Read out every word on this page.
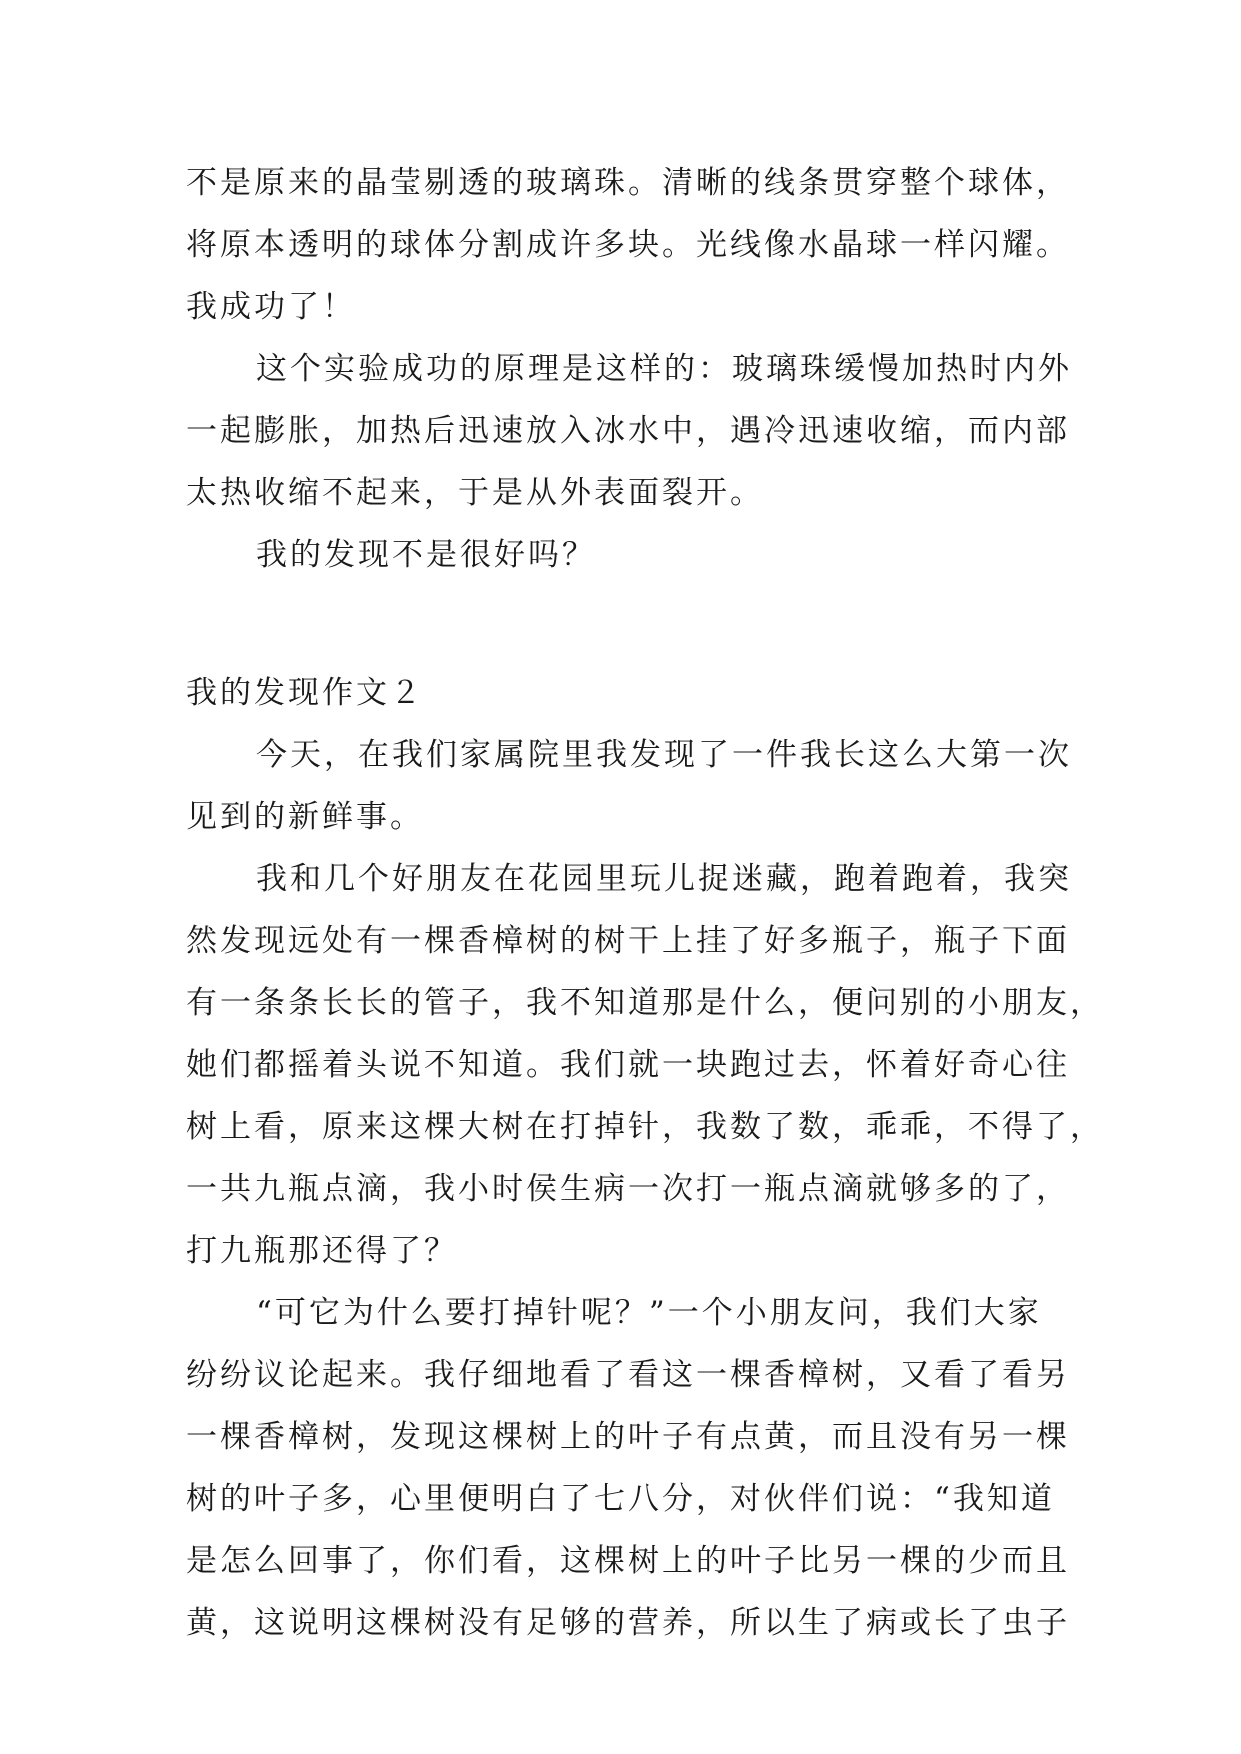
不是原来的晶莹剔透的玻璃珠。清晰的线条贯穿整个球体，
将原本透明的球体分割成许多块。光线像水晶球一样闪耀。
我成功了！
这个实验成功的原理是这样的：玻璃珠缓慢加热时内外
一起膨胀，加热后迅速放入冰水中，遇冷迅速收缩，而内部
太热收缩不起来，于是从外表面裂开。
我的发现不是很好吗？
我的发现作文２
今天，在我们家属院里我发现了一件我长这么大第一次
见到的新鲜事。
我和几个好朋友在花园里玩儿捉迷藏，跑着跑着，我突
然发现远处有一棵香樟树的树干上挂了好多瓶子，瓶子下面
有一条条长长的管子，我不知道那是什么，便问别的小朋友，
她们都摇着头说不知道。我们就一块跑过去，怀着好奇心往
树上看，原来这棵大树在打掉针，我数了数，乖乖，不得了，
一共九瓶点滴，我小时侯生病一次打一瓶点滴就够多的了，
打九瓶那还得了？
“可它为什么要打掉针呢？”一个小朋友问，我们大家
纷纷议论起来。我仔细地看了看这一棵香樟树，又看了看另
一棵香樟树，发现这棵树上的叶子有点黄，而且没有另一棵
树的叶子多，心里便明白了七八分，对伙伴们说：“我知道
是怎么回事了，你们看，这棵树上的叶子比另一棵的少而且
黄，这说明这棵树没有足够的营养，所以生了病或长了虫子
